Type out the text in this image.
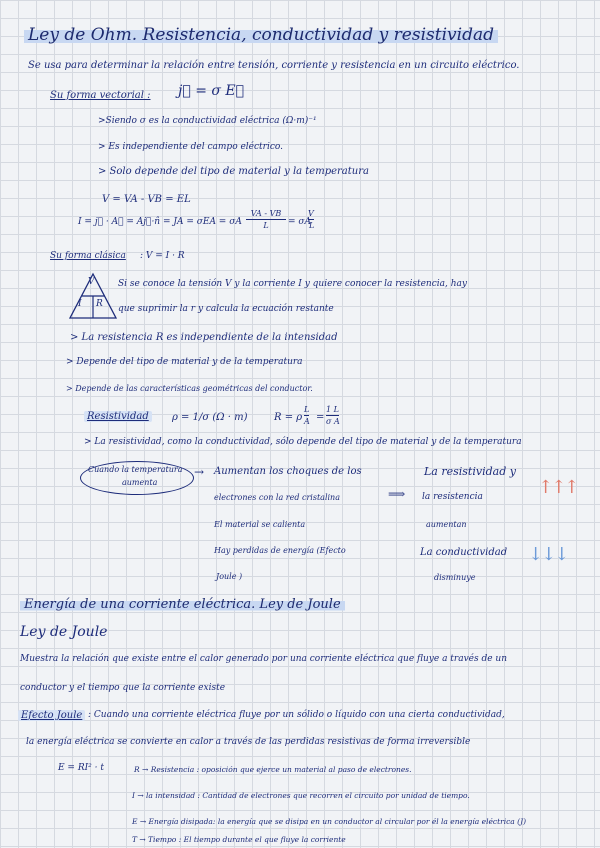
Ley de Ohm. Resistencia, conductividad y resistividad
Se usa para determinar la relación entre tensión, corriente y resistencia en un circuito eléctrico.
Su forma vectorial : j⃗ = σ E⃗
>Siendo σ es la conductividad eléctrica (Ω·m)⁻¹
> Es independiente del campo eléctrico.
> Solo depende del tipo de material y la temperatura
V = VA - VB = EL
I = j⃗ · A⃗ = Aj⃗·n̂ = JA = σEA = σA
VA - VB
L	= σA
V
L
Su forma clásica : V = I · R
V
I R
Si se conoce la tensión V y la corriente I y quiere conocer la resistencia, hay
que suprimir la r y calcula la ecuación restante
> La resistencia R es independiente de la intensidad
> Depende del tipo de material y de la temperatura
> Depende de las características geométricas del conductor.
Resistividad	ρ = 1/σ (Ω · m)	R = ρ
L
A =
1 L
σ A
> La resistividad, como la conductividad, sólo depende del tipo de material y de la temperatura
Cuando la temperatura
aumenta
→ Aumentan los choques de los
electrones con la red cristalina
El material se calienta
Hay perdidas de energía (Efecto
Joule )
⟹
La resistividad y
la resistencia
aumentan
La conductividad
disminuye
↑↑↑
↓↓↓
Energía de una corriente eléctrica. Ley de Joule
Ley de Joule
Muestra la relación que existe entre el calor generado por una corriente eléctrica que fluye a través de un
conductor y el tiempo que la corriente existe
Efecto Joule : Cuando una corriente eléctrica fluye por un sólido o líquido con una cierta conductividad,
la energía eléctrica se convierte en calor a través de las perdidas resistivas de forma irreversible
E = RI² · t	R → Resistencia : oposición que ejerce un material al paso de electrones.
I → la intensidad : Cantidad de electrones que recorren el circuito por unidad de tiempo.
E → Energía disipada: la energía que se disipa en un conductor al circular por él la energía eléctrica (J)
T → Tiempo : El tiempo durante el que fluye la corriente
